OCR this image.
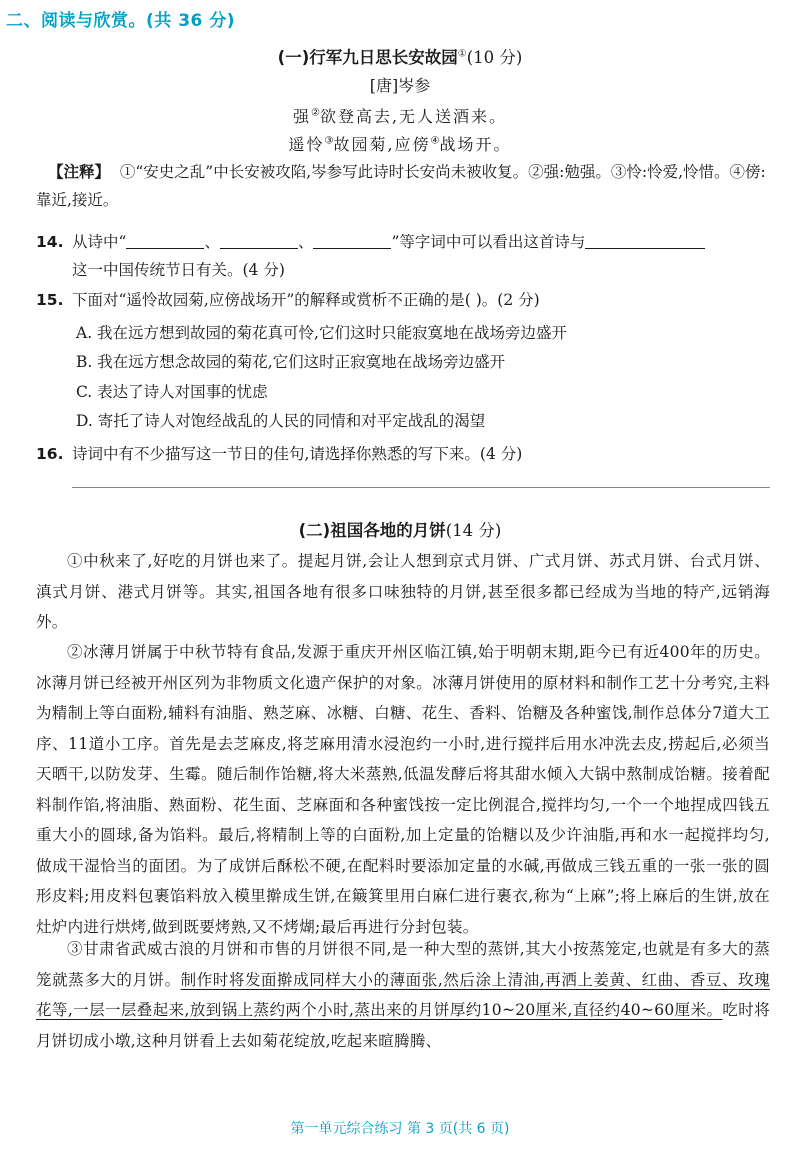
二、阅读与欣赏。(共 36 分)
(一)行军九日思长安故园①(10 分)
[唐]岑参
强②欲登高去,无人送酒来。
遥怜③故园菊,应傍④战场开。
【注释】 ①“安史之乱”中长安被攻陷,岑参写此诗时长安尚未被收复。②强:勉强。③怜:怜爱,怜惜。④傍:靠近,接近。
14. 从诗中“	、	、	”等字词中可以看出这首诗与
这一中国传统节日有关。(4 分)
15. 下面对“遥怜故园菊,应傍战场开”的解释或赏析不正确的是( )。(2 分)
A. 我在远方想到故园的菊花真可怜,它们这时只能寂寞地在战场旁边盛开
B. 我在远方想念故园的菊花,它们这时正寂寞地在战场旁边盛开
C. 表达了诗人对国事的忧虑
D. 寄托了诗人对饱经战乱的人民的同情和对平定战乱的渴望
16. 诗词中有不少描写这一节日的佳句,请选择你熟悉的写下来。(4 分)
(二)祖国各地的月饼(14 分)
①中秋来了,好吃的月饼也来了。提起月饼,会让人想到京式月饼、广式月饼、苏式月饼、台式月饼、滇式月饼、港式月饼等。其实,祖国各地有很多口味独特的月饼,甚至很多都已经成为当地的特产,远销海外。
②冰薄月饼属于中秋节特有食品,发源于重庆开州区临江镇,始于明朝末期,距今已有近400年的历史。冰薄月饼已经被开州区列为非物质文化遗产保护的对象。冰薄月饼使用的原材料和制作工艺十分考究,主料为精制上等白面粉,辅料有油脂、熟芝麻、冰糖、白糖、花生、香料、饴糖及各种蜜饯,制作总体分7道大工序、11道小工序。首先是去芝麻皮,将芝麻用清水浸泡约一小时,进行搅拌后用水冲洗去皮,捞起后,必须当天晒干,以防发芽、生霉。随后制作饴糖,将大米蒸熟,低温发酵后将其甜水倾入大锅中熬制成饴糖。接着配料制作馅,将油脂、熟面粉、花生面、芝麻面和各种蜜饯按一定比例混合,搅拌均匀,一个一个地捏成四钱五重大小的圆球,备为馅料。最后,将精制上等的白面粉,加上定量的饴糖以及少许油脂,再和水一起搅拌均匀,做成干湿恰当的面团。为了成饼后酥松不硬,在配料时要添加定量的水碱,再做成三钱五重的一张一张的圆形皮料;用皮料包裹馅料放入模里擀成生饼,在簸箕里用白麻仁进行裹衣,称为“上麻”;将上麻后的生饼,放在灶炉内进行烘烤,做到既要烤熟,又不烤煳;最后再进行分封包装。
③甘肃省武威古浪的月饼和市售的月饼很不同,是一种大型的蒸饼,其大小按蒸笼定,也就是有多大的蒸笼就蒸多大的月饼。制作时将发面擀成同样大小的薄面张,然后涂上清油,再洒上姜黄、红曲、香豆、玫瑰花等,一层一层叠起来,放到锅上蒸约两个小时,蒸出来的月饼厚约10~20厘米,直径约40~60厘米。吃时将月饼切成小墩,这种月饼看上去如菊花绽放,吃起来暄腾腾、
第一单元综合练习 第 3 页(共 6 页)
